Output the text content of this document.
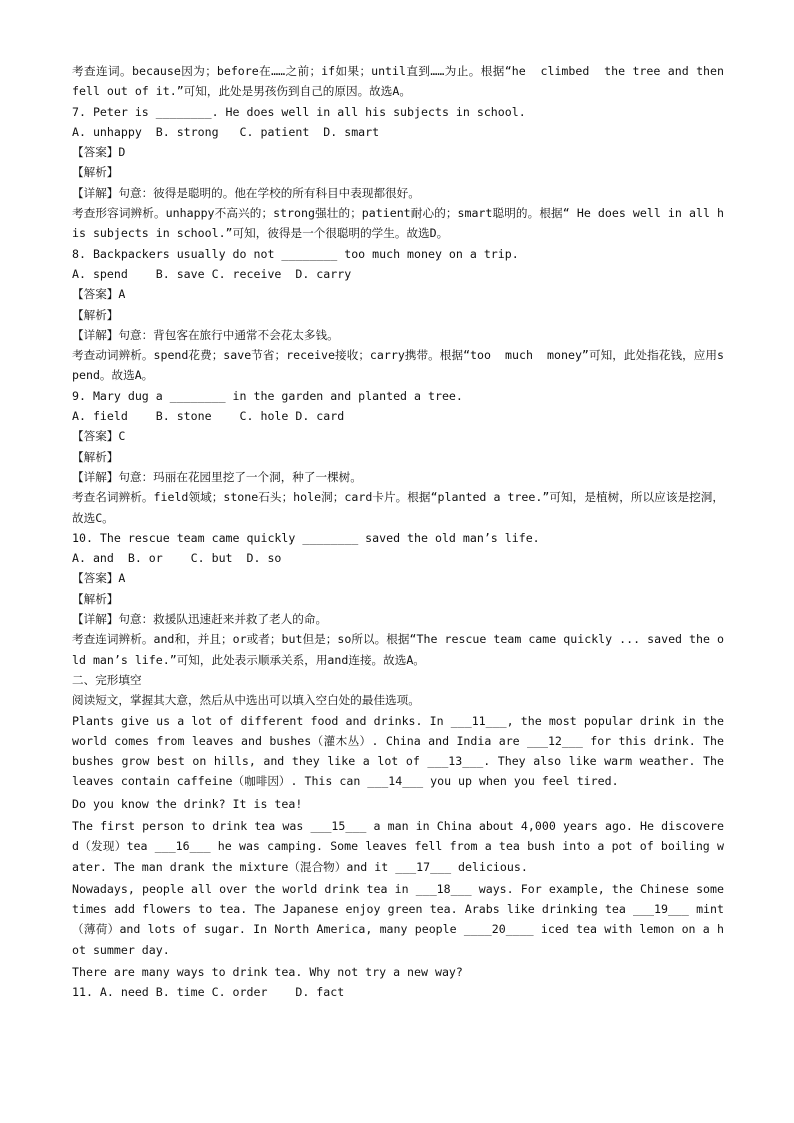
考查连词。because因为；before在……之前；if如果；until直到……为止。根据“he  climbed  the tree and then fell out of it.”可知，此处是男孩伤到自己的原因。故选A。

7. Peter is ________. He does well in all his subjects in school.

A. unhappy  B. strong   C. patient  D. smart

【答案】D

【解析】

【详解】句意：彼得是聪明的。他在学校的所有科目中表现都很好。

考查形容词辨析。unhappy不高兴的；strong强壮的；patient耐心的；smart聪明的。根据“ He does well in all his subjects in school.”可知，彼得是一个很聪明的学生。故选D。

8. Backpackers usually do not ________ too much money on a trip.

A. spend    B. save C. receive  D. carry

【答案】A

【解析】

【详解】句意：背包客在旅行中通常不会花太多钱。

考查动词辨析。spend花费；save节省；receive接收；carry携带。根据“too  much  money”可知，此处指花钱，应用spend。故选A。

9. Mary dug a ________ in the garden and planted a tree.

A. field    B. stone    C. hole D. card

【答案】C

【解析】

【详解】句意：玛丽在花园里挖了一个洞，种了一棵树。

考查名词辨析。field领域；stone石头；hole洞；card卡片。根据“planted a tree.”可知，是植树，所以应该是挖洞，故选C。

10. The rescue team came quickly ________ saved the old man’s life.

A. and  B. or    C. but  D. so

【答案】A

【解析】

【详解】句意：救援队迅速赶来并救了老人的命。

考查连词辨析。and和，并且；or或者；but但是；so所以。根据“The rescue team came quickly ... saved the old man’s life.”可知，此处表示顺承关系，用and连接。故选A。

二、完形填空

阅读短文，掌握其大意，然后从中选出可以填入空白处的最佳选项。

Plants give us a lot of different food and drinks. In ___11___, the most popular drink in the world comes from leaves and bushes（灌木丛）. China and India are ___12___ for this drink. The bushes grow best on hills, and they like a lot of ___13___. They also like warm weather. The leaves contain caffeine（咖啡因）. This can ___14___ you up when you feel tired.

Do you know the drink? It is tea!

The first person to drink tea was ___15___ a man in China about 4,000 years ago. He discovered（发现）tea ___16___ he was camping. Some leaves fell from a tea bush into a pot of boiling water. The man drank the mixture（混合物）and it ___17___ delicious.

Nowadays, people all over the world drink tea in ___18___ ways. For example, the Chinese sometimes add flowers to tea. The Japanese enjoy green tea. Arabs like drinking tea ___19___ mint（薄荷）and lots of sugar. In North America, many people ____20____ iced tea with lemon on a hot summer day.

There are many ways to drink tea. Why not try a new way?

11. A. need B. time C. order    D. fact
